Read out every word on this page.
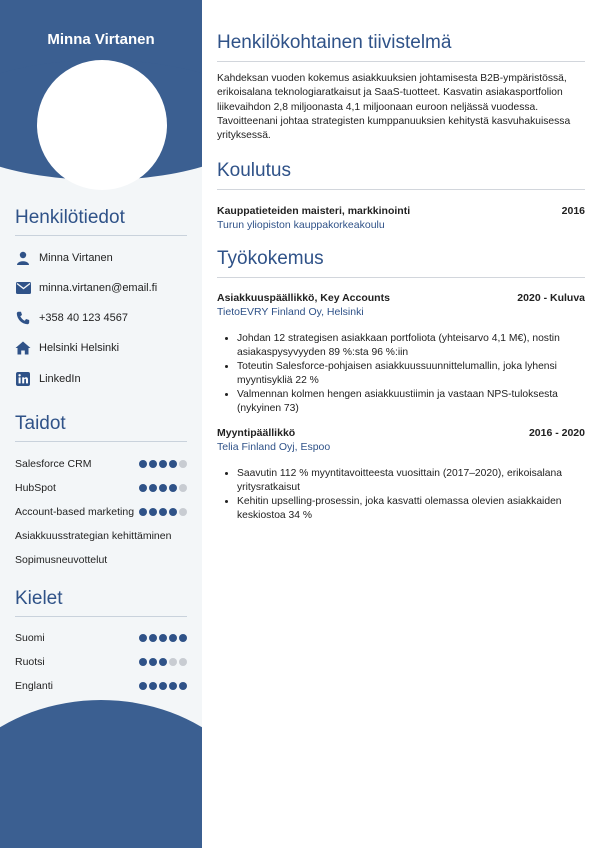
Minna Virtanen
Henkilötiedot
Minna Virtanen
minna.virtanen@email.fi
+358 40 123 4567
Helsinki Helsinki
LinkedIn
Taidot
Salesforce CRM
HubSpot
Account-based marketing
Asiakkuusstrategian kehittäminen
Sopimusneuvottelut
Kielet
Suomi
Ruotsi
Englanti
Henkilökohtainen tiivistelmä
Kahdeksan vuoden kokemus asiakkuuksien johtamisesta B2B-ympäristössä, erikoisalana teknologiaratkaisut ja SaaS-tuotteet. Kasvatin asiakasportfolion liikevaihdon 2,8 miljoonasta 4,1 miljoonaan euroon neljässä vuodessa. Tavoitteenani johtaa strategisten kumppanuuksien kehitystä kasvuhakuisessa yrityksessä.
Koulutus
Kauppatieteiden maisteri, markkinointi	2016
Turun yliopiston kauppakorkeakoulu
Työkokemus
Asiakkuuspäällikkö, Key Accounts	2020 - Kuluva
TietoEVRY Finland Oy, Helsinki
• Johdan 12 strategisen asiakkaan portfoliota (yhteisarvo 4,1 M€), nostin asiakaspysyvyyden 89 %:sta 96 %:iin
• Toteutin Salesforce-pohjaisen asiakkuussuunnittelumallin, joka lyhensi myyntisykliä 22 %
• Valmennan kolmen hengen asiakkuustiimin ja vastaan NPS-tuloksesta (nykyinen 73)
Myyntipäällikkö	2016 - 2020
Telia Finland Oyj, Espoo
• Saavutin 112 % myyntitavoitteesta vuosittain (2017–2020), erikoisalana yritysratkaisut
• Kehitin upselling-prosessin, joka kasvatti olemassa olevien asiakkaiden keskiostoa 34 %
